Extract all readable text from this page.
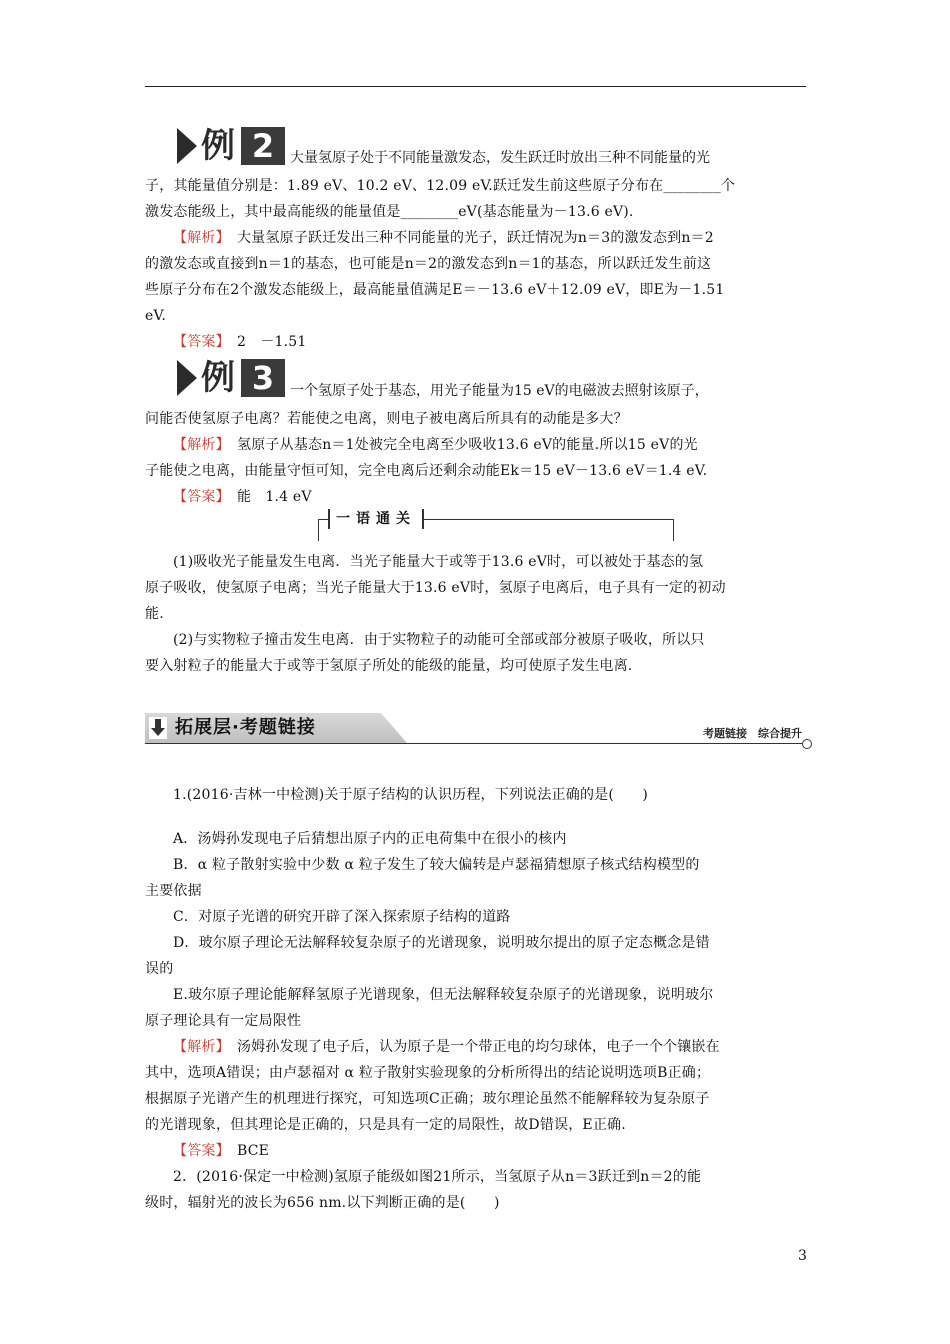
例 2	大量氢原子处于不同能量激发态，发生跃迁时放出三种不同能量的光

子，其能量值分别是：1.89 eV、10.2 eV、12.09 eV.跃迁发生前这些原子分布在________个

激发态能级上，其中最高能级的能量值是________eV(基态能量为－13.6 eV).

【解析】　 大量氢原子跃迁发出三种不同能量的光子，跃迁情况为n＝3的激发态到n＝2

的激发态或直接到n＝1的基态，也可能是n＝2的激发态到n＝1的基态，所以跃迁发生前这

些原子分布在2个激发态能级上，最高能量值满足E＝－13.6 eV＋12.09 eV，即E为－1.51

eV.

【答案】　 2　－1.51

例 3	一个氢原子处于基态，用光子能量为15 eV的电磁波去照射该原子，

问能否使氢原子电离？若能使之电离，则电子被电离后所具有的动能是多大？

【解析】　 氢原子从基态n＝1处被完全电离至少吸收13.6 eV的能量.所以15 eV的光

子能使之电离，由能量守恒可知，完全电离后还剩余动能Ek＝15 eV－13.6 eV＝1.4 eV.

【答案】　 能　1.4 eV

一语通关

(1)吸收光子能量发生电离．当光子能量大于或等于13.6 eV时，可以被处于基态的氢

原子吸收，使氢原子电离；当光子能量大于13.6 eV时，氢原子电离后，电子具有一定的初动

能.

(2)与实物粒子撞击发生电离．由于实物粒子的动能可全部或部分被原子吸收，所以只

要入射粒子的能量大于或等于氢原子所处的能级的能量，均可使原子发生电离.

拓展层·考题链接	考题链接　综合提升

1.(2016·吉林一中检测)关于原子结构的认识历程，下列说法正确的是(　　)

A．汤姆孙发现电子后猜想出原子内的正电荷集中在很小的核内

B．α 粒子散射实验中少数 α 粒子发生了较大偏转是卢瑟福猜想原子核式结构模型的

主要依据

C．对原子光谱的研究开辟了深入探索原子结构的道路

D．玻尔原子理论无法解释较复杂原子的光谱现象，说明玻尔提出的原子定态概念是错

误的

E.玻尔原子理论能解释氢原子光谱现象，但无法解释较复杂原子的光谱现象，说明玻尔

原子理论具有一定局限性

【解析】　 汤姆孙发现了电子后，认为原子是一个带正电的均匀球体，电子一个个镶嵌在

其中，选项A错误；由卢瑟福对 α 粒子散射实验现象的分析所得出的结论说明选项B正确；

根据原子光谱产生的机理进行探究，可知选项C正确；玻尔理论虽然不能解释较为复杂原子

的光谱现象，但其理论是正确的，只是具有一定的局限性，故D错误，E正确.

【答案】　 BCE

2．(2016·保定一中检测)氢原子能级如图21所示，当氢原子从n＝3跃迁到n＝2的能

级时，辐射光的波长为656 nm.以下判断正确的是(　　)

3
